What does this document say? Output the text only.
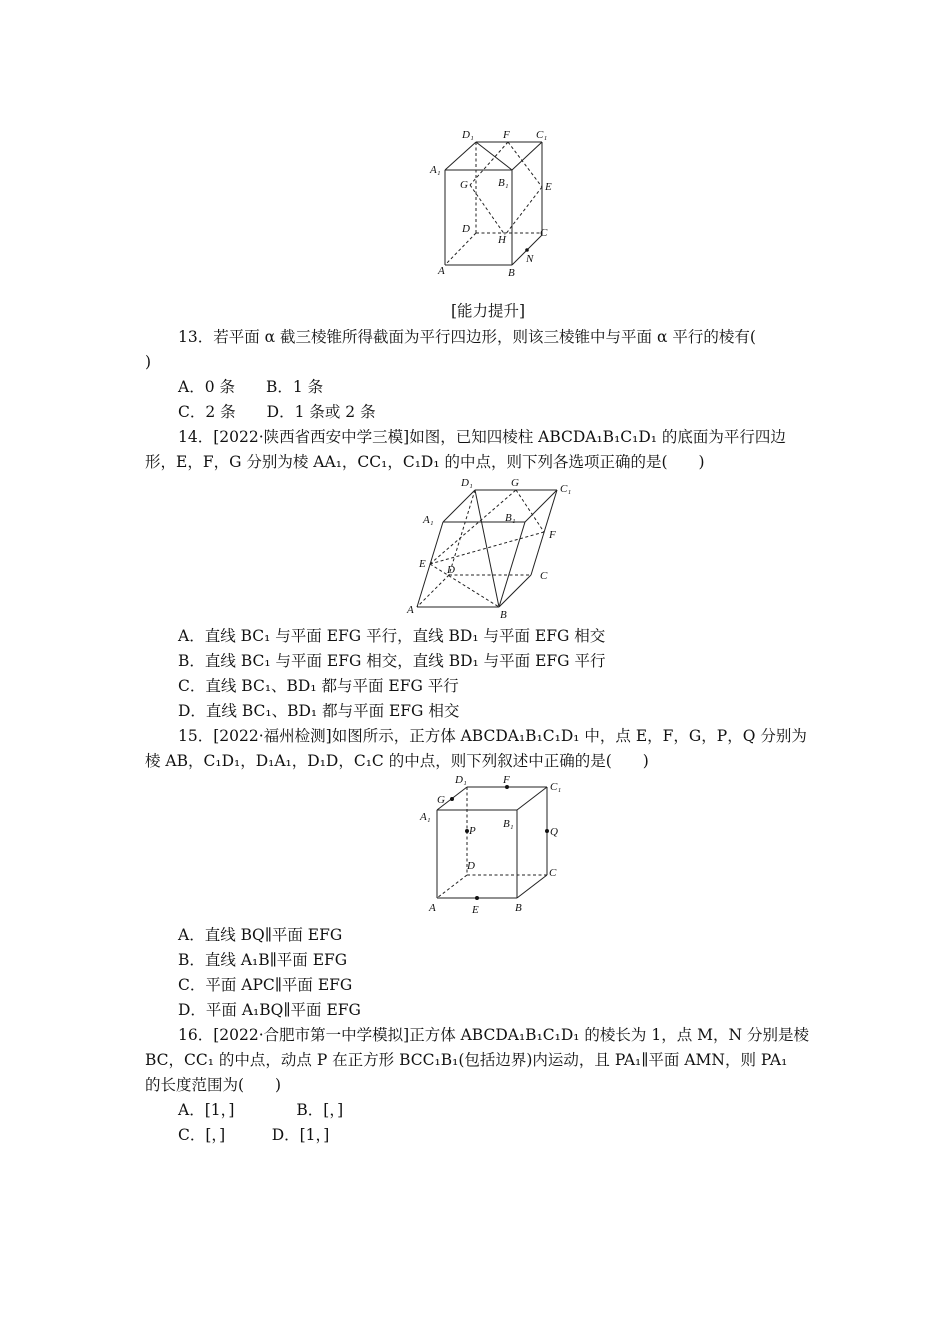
D₁	F C₁
A₁
G	B₁	E
D	C
H
N
A	B
[能力提升]
13．若平面 α 截三棱锥所得截面为平行四边形，则该三棱锥中与平面 α 平行的棱有(
)
A．0 条　　B．1 条
C．2 条　　D．1 条或 2 条
14．[2022·陕西省西安中学三模]如图，已知四棱柱 ABCDA₁B₁C₁D₁ 的底面为平行四边
形，E，F，G 分别为棱 AA₁，CC₁，C₁D₁ 的中点，则下列各选项正确的是(　　)
D₁	G	C₁
A₁	B₁
F
E D	C
A	B
A．直线 BC₁ 与平面 EFG 平行，直线 BD₁ 与平面 EFG 相交
B．直线 BC₁ 与平面 EFG 相交，直线 BD₁ 与平面 EFG 平行
C．直线 BC₁、BD₁ 都与平面 EFG 平行
D．直线 BC₁、BD₁ 都与平面 EFG 相交
15．[2022·福州检测]如图所示，正方体 ABCDA₁B₁C₁D₁ 中，点 E，F，G，P，Q 分别为
棱 AB，C₁D₁，D₁A₁，D₁D，C₁C 的中点，则下列叙述中正确的是(　　)
D₁	F
C₁
G
A₁
B₁
P	Q
D
C
A	E	B
A．直线 BQ∥平面 EFG
B．直线 A₁B∥平面 EFG
C．平面 APC∥平面 EFG
D．平面 A₁BQ∥平面 EFG
16．[2022·合肥市第一中学模拟]正方体 ABCDA₁B₁C₁D₁ 的棱长为 1，点 M，N 分别是棱
BC，CC₁ 的中点，动点 P 在正方形 BCC₁B₁(包括边界)内运动，且 PA₁∥平面 AMN，则 PA₁
的长度范围为(　　)
A．[1，]　　　　B．[，]
C．[，]　　　D．[1，]
